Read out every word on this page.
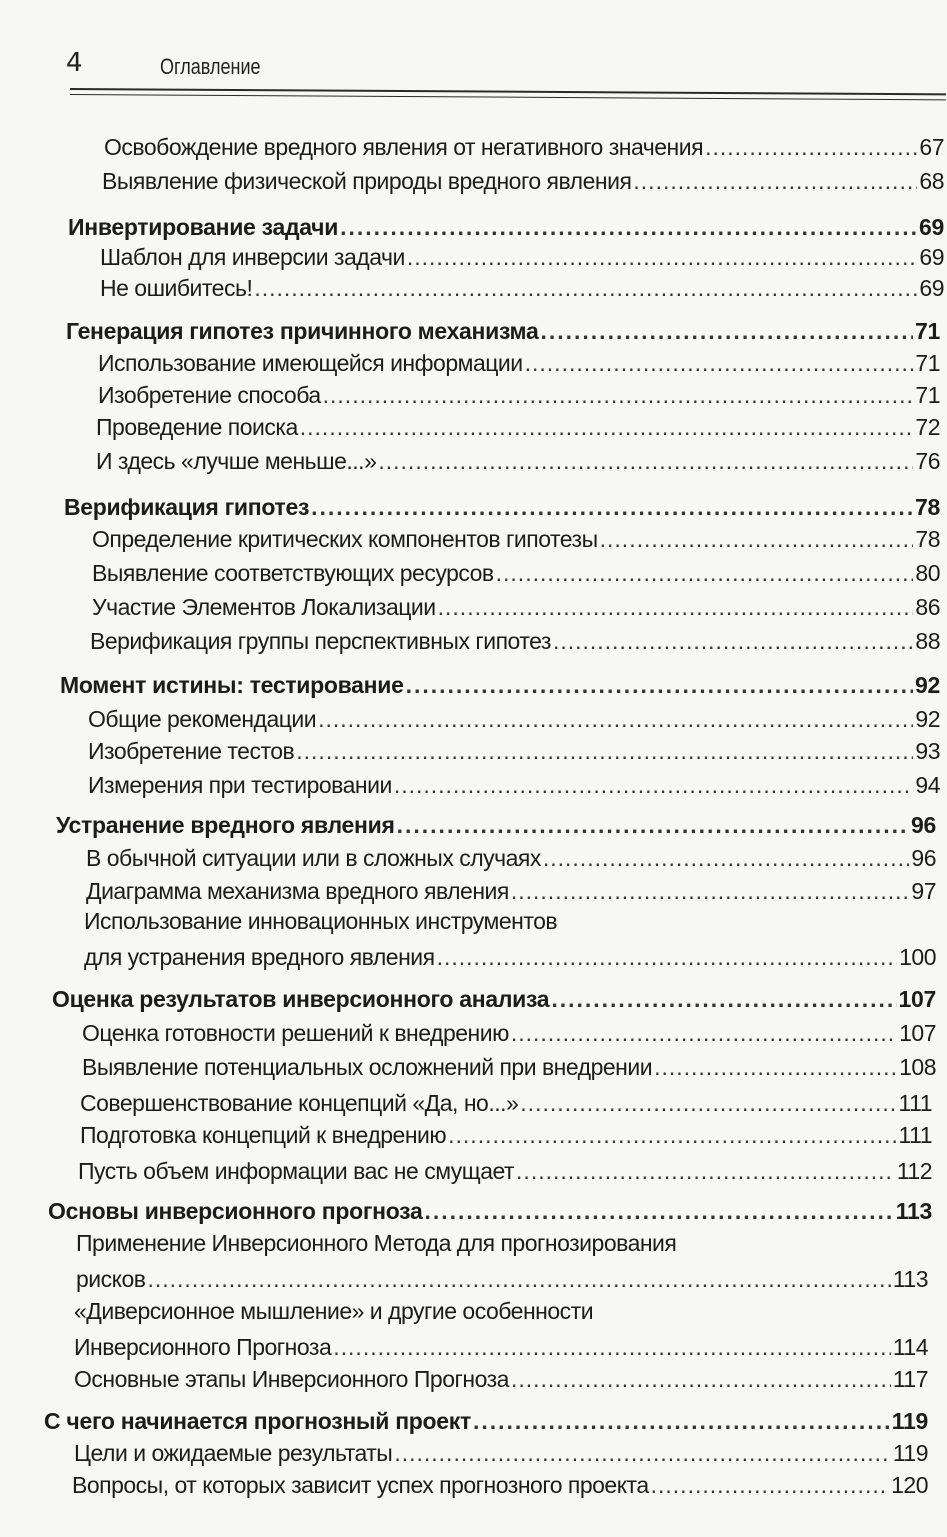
4	Оглавление
Освобождение вредного явления от негативного значения .....	67
Выявление физической природы вредного явления .....	68
Инвертирование задачи .....	69
Шаблон для инверсии задачи .....	69
Не ошибитесь! .....	69
Генерация гипотез причинного механизма .....	71
Использование имеющейся информации .....	71
Изобретение способа .....	71
Проведение поиска .....	72
И здесь «лучше меньше...» .....	76
Верификация гипотез .....	78
Определение критических компонентов гипотезы .....	78
Выявление соответствующих ресурсов .....	80
Участие Элементов Локализации .....	86
Верификация группы перспективных гипотез .....	88
Момент истины: тестирование .....	92
Общие рекомендации .....	92
Изобретение тестов .....	93
Измерения при тестировании .....	94
Устранение вредного явления .....	96
В обычной ситуации или в сложных случаях .....	96
Диаграмма механизма вредного явления .....	97
Использование инновационных инструментов
для устранения вредного явления .....	100
Оценка результатов инверсионного анализа .....	107
Оценка готовности решений к внедрению .....	107
Выявление потенциальных осложнений при внедрении .....	108
Совершенствование концепций «Да, но...» .....	111
Подготовка концепций к внедрению .....	111
Пусть объем информации вас не смущает .....	112
Основы инверсионного прогноза .....	113
Применение Инверсионного Метода для прогнозирования
рисков .....	113
«Диверсионное мышление» и другие особенности
Инверсионного Прогноза .....	114
Основные этапы Инверсионного Прогноза .....	117
С чего начинается прогнозный проект .....	119
Цели и ожидаемые результаты .....	119
Вопросы, от которых зависит успех прогнозного проекта .....	120
